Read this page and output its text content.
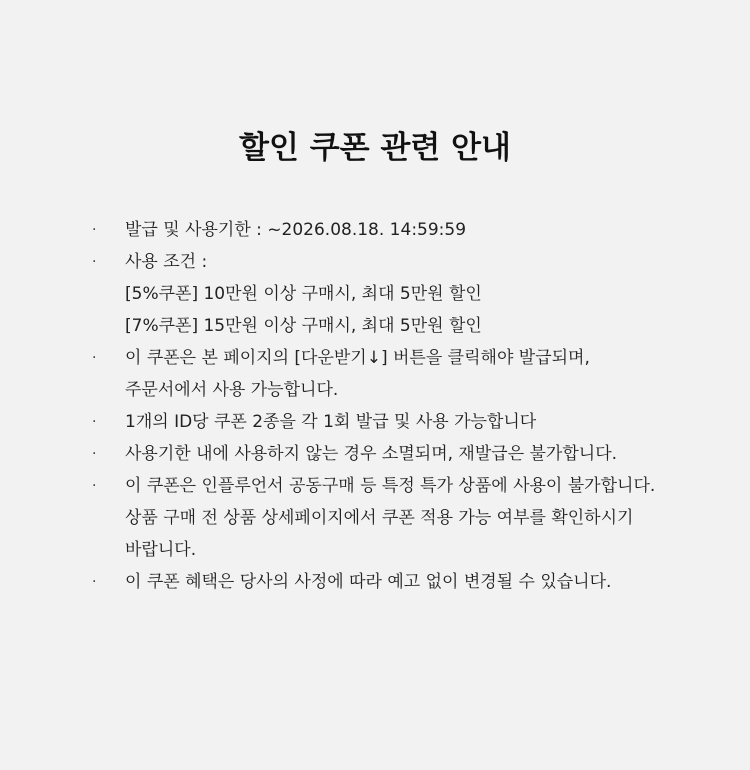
할인 쿠폰 관련 안내
· 발급 및 사용기한 : ~2026.08.18. 14:59:59
· 사용 조건 :
[5%쿠폰] 10만원 이상 구매시, 최대 5만원 할인
[7%쿠폰] 15만원 이상 구매시, 최대 5만원 할인
· 이 쿠폰은 본 페이지의 [다운받기↓] 버튼을 클릭해야 발급되며,
주문서에서 사용 가능합니다.
· 1개의 ID당 쿠폰 2종을 각 1회 발급 및 사용 가능합니다
· 사용기한 내에 사용하지 않는 경우 소멸되며, 재발급은 불가합니다.
· 이 쿠폰은 인플루언서 공동구매 등 특정 특가 상품에 사용이 불가합니다.
상품 구매 전 상품 상세페이지에서 쿠폰 적용 가능 여부를 확인하시기
바랍니다.
· 이 쿠폰 혜택은 당사의 사정에 따라 예고 없이 변경될 수 있습니다.
